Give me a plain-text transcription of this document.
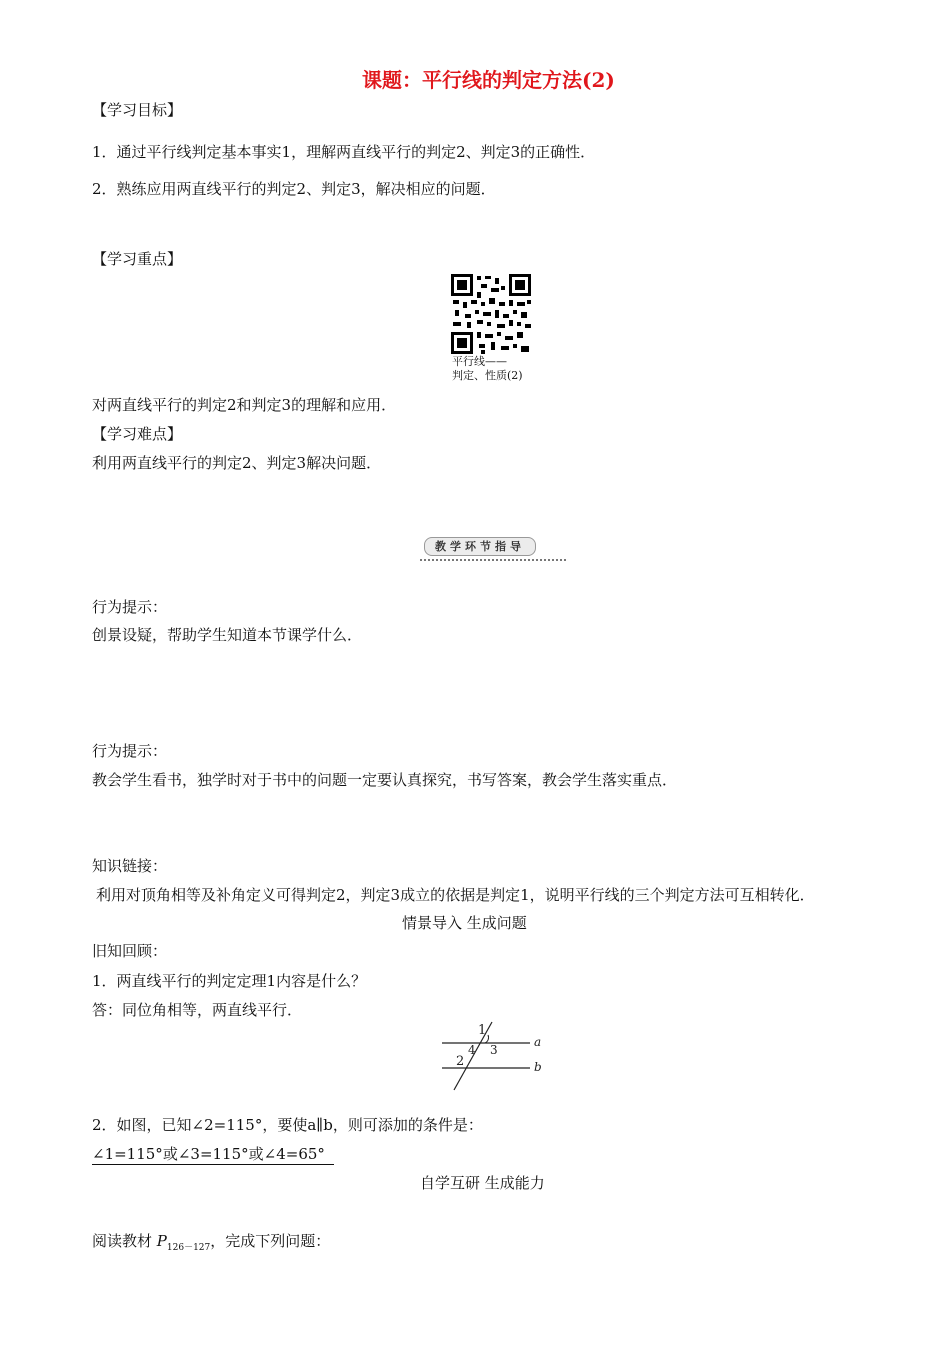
课题：平行线的判定方法(2)
【学习目标】
1．通过平行线判定基本事实1，理解两直线平行的判定2、判定3的正确性．
2．熟练应用两直线平行的判定2、判定3，解决相应的问题．
【学习重点】
平行线——
判定、性质(2)
对两直线平行的判定2和判定3的理解和应用．
【学习难点】
利用两直线平行的判定2、判定3解决问题．
教学环节指导
行为提示：
创景设疑，帮助学生知道本节课学什么．
行为提示：
教会学生看书，独学时对于书中的问题一定要认真探究，书写答案，教会学生落实重点．
知识链接：
利用对顶角相等及补角定义可得判定2，判定3成立的依据是判定1，说明平行线的三个判定方法可互相转化．
情景导入 生成问题
旧知回顾：
1．两直线平行的判定定理1内容是什么？
答：同位角相等，两直线平行．
1
4 3
2
a
b
2．如图，已知∠2=115°，要使a∥b，则可添加的条件是：
∠1=115°或∠3=115°或∠4=65°
自学互研 生成能力
阅读教材 $P_{126-127}$，完成下列问题：
